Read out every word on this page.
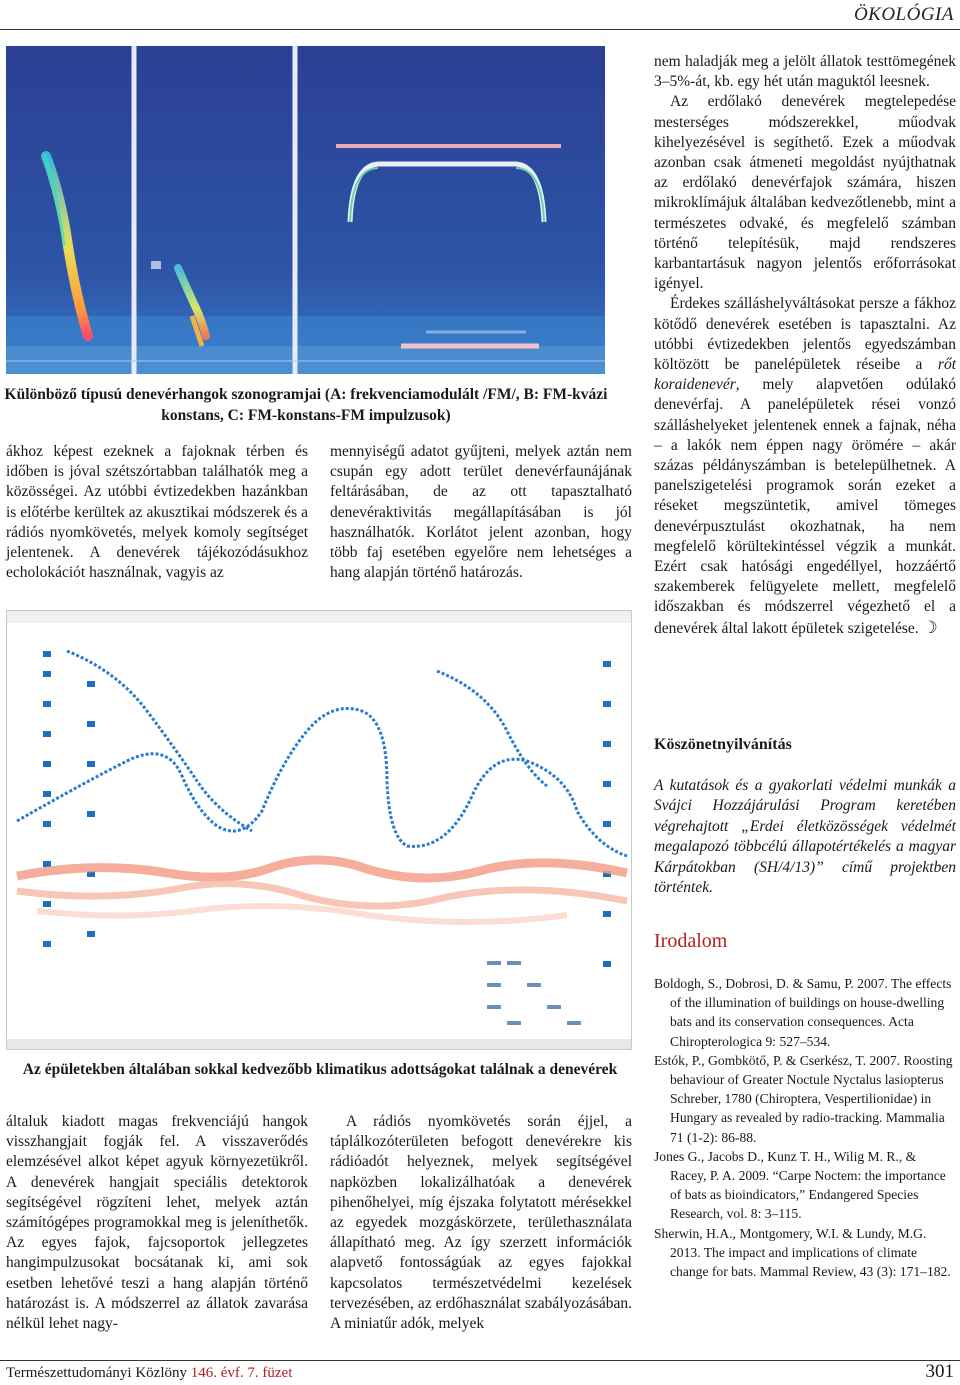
ÖKOLÓGIA
Különböző típusú denevérhangok szonogramjai (A: frekvenciamodulált /FM/, B: FM-kvázi konstans, C: FM-konstans-FM impulzusok)

ákhoz képest ezeknek a fajoknak térben és időben is jóval szétszórtabban találhatók meg a közösségei. Az utóbbi évtizedekben hazánkban is előtérbe kerültek az akusztikai módszerek és a rádiós nyomkövetés, melyek komoly segítséget jelentenek. A denevérek tájékozódásukhoz echolokációt használnak, vagyis az

mennyiségű adatot gyűjteni, melyek aztán nem csupán egy adott terület denevérfaunájának feltárásában, de az ott tapasztalható denevéraktivitás megállapításában is jól használhatók. Korlátot jelent azonban, hogy több faj esetében egyelőre nem lehetséges a hang alapján történő határozás.

Az épületekben általában sokkal kedvezőbb klimatikus adottságokat találnak a denevérek

általuk kiadott magas frekvenciájú hangok visszhangjait fogják fel. A visszaverődés elemzésével alkot képet agyuk környezetükről. A denevérek hangjait speciális detektorok segítségével rögzíteni lehet, melyek aztán számítógépes programokkal meg is jeleníthetők. Az egyes fajok, fajcsoportok jellegzetes hangimpulzusokat bocsátanak ki, ami sok esetben lehetővé teszi a hang alapján történő határozást is. A módszerrel az állatok zavarása nélkül lehet nagy-

A rádiós nyomkövetés során éjjel, a táplálkozóterületen befogott denevérekre kis rádióadót helyeznek, melyek segítségével napközben lokalizálhatóak a denevérek pihenőhelyei, míg éjszaka folytatott mérésekkel az egyedek mozgáskörzete, területhasználata állapítható meg. Az így szerzett információk alapvető fontosságúak az egyes fajokkal kapcsolatos természetvédelmi kezelések tervezésében, az erdőhasználat szabályozásában. A miniatűr adók, melyek

nem haladják meg a jelölt állatok testtömegének 3–5%-át, kb. egy hét után maguktól leesnek.

Az erdőlakó denevérek megtelepedése mesterséges módszerekkel, műodvak kihelyezésével is segíthető. Ezek a műodvak azonban csak átmeneti megoldást nyújthatnak az erdőlakó denevérfajok számára, hiszen mikroklímájuk általában kedvezőtlenebb, mint a természetes odvaké, és megfelelő számban történő telepítésük, majd rendszeres karbantartásuk nagyon jelentős erőforrásokat igényel.

Érdekes szálláshelyváltásokat persze a fákhoz kötődő denevérek esetében is tapasztalni. Az utóbbi évtizedekben jelentős egyedszámban költözött be panelépületek réseibe a rőt koraidenevér, mely alapvetően odúlakó denevérfaj. A panelépületek rései vonzó szálláshelyeket jelentenek ennek a fajnak, néha – a lakók nem éppen nagy örömére – akár százas példányszámban is betelepülhetnek. A panelszigetelési programok során ezeket a réseket megszüntetik, amivel tömeges denevérpusztulást okozhatnak, ha nem megfelelő körültekintéssel végzik a munkát. Ezért csak hatósági engedéllyel, hozzáértő szakemberek felügyelete mellett, megfelelő időszakban és módszerrel végezhető el a denevérek által lakott épületek szigetelése. ☽

Köszönetnyilvánítás
A kutatások és a gyakorlati védelmi munkák a Svájci Hozzájárulási Program keretében végrehajtott „Erdei életközösségek védelmét megalapozó többcélú állapotértékelés a magyar Kárpátokban (SH/4/13)” című projektben történtek.
Irodalom

Boldogh, S., Dobrosi, D. & Samu, P. 2007. The effects of the illumination of buildings on house-dwelling bats and its conservation consequences. Acta Chiropterologica 9: 527–534.

Estók, P., Gombkötő, P. & Cserkész, T. 2007. Roosting behaviour of Greater Noctule Nyctalus lasiopterus Schreber, 1780 (Chiroptera, Vespertilionidae) in Hungary as revealed by radio-tracking. Mammalia 71 (1-2): 86-88.

Jones G., Jacobs D., Kunz T. H., Wilig M. R., & Racey, P. A. 2009. “Carpe Noctem: the importance of bats as bioindicators,” Endangered Species Research, vol. 8: 3–115.

Sherwin, H.A., Montgomery, W.I. & Lundy, M.G. 2013. The impact and implications of climate change for bats. Mammal Review, 43 (3): 171–182.

Természettudományi Közlöny 146. évf. 7. füzet	301
